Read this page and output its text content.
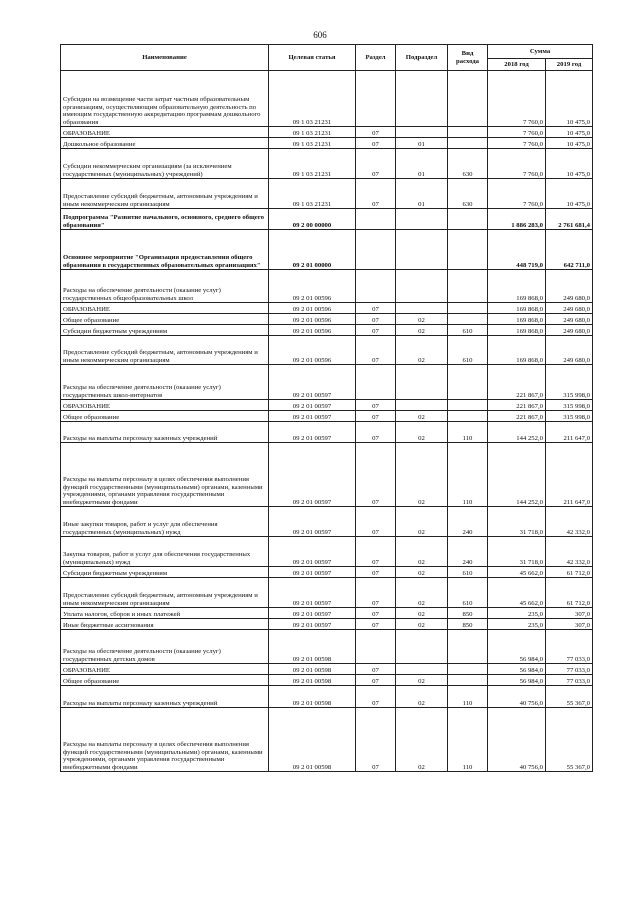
606
Наименование	Целевая статья	Раздел	Подраздел	Вид расхода	Сумма	
					2018 год	2019 год
Субсидии на возмещение части затрат частным образовательным организациям, осуществляющим образовательную деятельность по имеющим государственную аккредитацию программам дошкольного образования	09 1 03 21231				7 760,0	10 475,0
ОБРАЗОВАНИЕ	09 1 03 21231	07			7 760,0	10 475,0
Дошкольное образование	09 1 03 21231	07	01		7 760,0	10 475,0
Субсидии некоммерческим организациям (за исключением государственных (муниципальных) учреждений)	09 1 03 21231	07	01	630	7 760,0	10 475,0
Предоставление субсидий бюджетным, автономным учреждениям и иным некоммерческим организациям	09 1 03 21231	07	01	630	7 760,0	10 475,0
Подпрограмма "Развитие начального, основного, среднего общего образования"	09 2 00 00000				1 886 283,0	2 761 681,4
Основное мероприятие "Организация предоставления общего образования в государственных образовательных организациях"	09 2 01 00000				448 719,0	642 711,0
Расходы на обеспечение деятельности (оказание услуг) государственных общеобразовательных школ	09 2 01 00596				169 868,0	249 680,0
ОБРАЗОВАНИЕ	09 2 01 00596	07			169 868,0	249 680,0
Общее образование	09 2 01 00596	07	02		169 868,0	249 680,0
Субсидии бюджетным учреждениям	09 2 01 00596	07	02	610	169 868,0	249 680,0
Предоставление субсидий бюджетным, автономным учреждениям и иным некоммерческим организациям	09 2 01 00596	07	02	610	169 868,0	249 680,0
Расходы на обеспечение деятельности (оказание услуг) государственных школ-интернатов	09 2 01 00597				221 867,0	315 998,0
ОБРАЗОВАНИЕ	09 2 01 00597	07			221 867,0	315 998,0
Общее образование	09 2 01 00597	07	02		221 867,0	315 998,0
Расходы на выплаты персоналу казенных учреждений	09 2 01 00597	07	02	110	144 252,0	211 647,0
Расходы на выплаты персоналу в целях обеспечения выполнения функций государственными (муниципальными) органами, казенными учреждениями, органами управления государственными внебюджетными фондами	09 2 01 00597	07	02	110	144 252,0	211 647,0
Иные закупки товаров, работ и услуг для обеспечения государственных (муниципальных) нужд	09 2 01 00597	07	02	240	31 718,0	42 332,0
Закупка товаров, работ и услуг для обеспечения государственных (муниципальных) нужд	09 2 01 00597	07	02	240	31 718,0	42 332,0
Субсидии бюджетным учреждениям	09 2 01 00597	07	02	610	45 662,0	61 712,0
Предоставление субсидий бюджетным, автономным учреждениям и иным некоммерческим организациям	09 2 01 00597	07	02	610	45 662,0	61 712,0
Уплата налогов, сборов и иных платежей	09 2 01 00597	07	02	850	235,0	307,0
Иные бюджетные ассигнования	09 2 01 00597	07	02	850	235,0	307,0
Расходы на обеспечение деятельности (оказание услуг) государственных детских домов	09 2 01 00598				56 984,0	77 033,0
ОБРАЗОВАНИЕ	09 2 01 00598	07			56 984,0	77 033,0
Общее образование	09 2 01 00598	07	02		56 984,0	77 033,0
Расходы на выплаты персоналу казенных учреждений	09 2 01 00598	07	02	110	40 756,0	55 367,0
Расходы на выплаты персоналу в целях обеспечения выполнения функций государственными (муниципальными) органами, казенными учреждениями, органами управления государственными внебюджетными фондами	09 2 01 00598	07	02	110	40 756,0	55 367,0
